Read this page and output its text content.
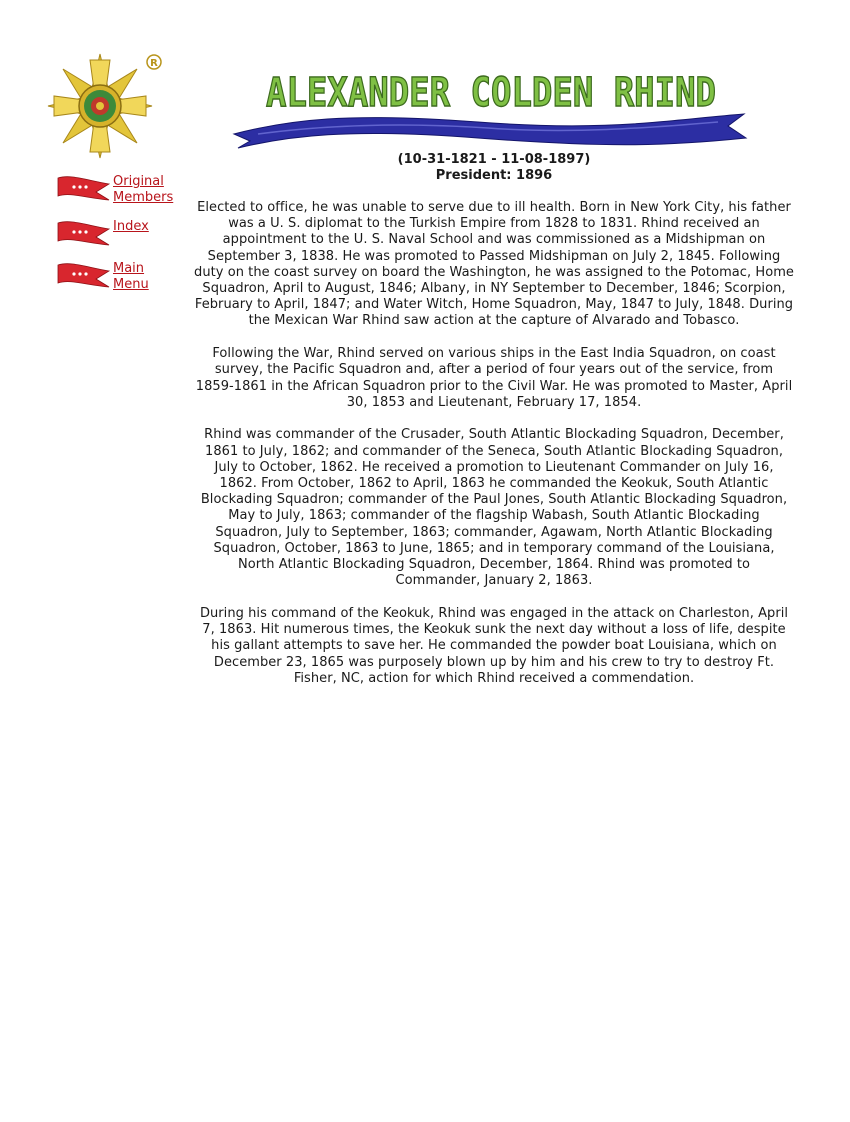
R
Original
Members
Index
Main
Menu
ALEXANDER COLDEN RHIND
(10-31-1821 - 11-08-1897)
President: 1896

Elected to office, he was unable to serve due to ill health. Born in New York City, his father was a U. S. diplomat to the Turkish Empire from 1828 to 1831. Rhind received an appointment to the U. S. Naval School and was commissioned as a Midshipman on September 3, 1838. He was promoted to Passed Midshipman on July 2, 1845. Following duty on the coast survey on board the Washington, he was assigned to the Potomac, Home Squadron, April to August, 1846; Albany, in NY September to December, 1846; Scorpion, February to April, 1847; and Water Witch, Home Squadron, May, 1847 to July, 1848. During the Mexican War Rhind saw action at the capture of Alvarado and Tobasco.

Following the War, Rhind served on various ships in the East India Squadron, on coast survey, the Pacific Squadron and, after a period of four years out of the service, from 1859-1861 in the African Squadron prior to the Civil War. He was promoted to Master, April 30, 1853 and Lieutenant, February 17, 1854.

Rhind was commander of the Crusader, South Atlantic Blockading Squadron, December, 1861 to July, 1862; and commander of the Seneca, South Atlantic Blockading Squadron, July to October, 1862. He received a promotion to Lieutenant Commander on July 16, 1862. From October, 1862 to April, 1863 he commanded the Keokuk, South Atlantic Blockading Squadron; commander of the Paul Jones, South Atlantic Blockading Squadron, May to July, 1863; commander of the flagship Wabash, South Atlantic Blockading Squadron, July to September, 1863; commander, Agawam, North Atlantic Blockading Squadron, October, 1863 to June, 1865; and in temporary command of the Louisiana, North Atlantic Blockading Squadron, December, 1864. Rhind was promoted to Commander, January 2, 1863.

During his command of the Keokuk, Rhind was engaged in the attack on Charleston, April 7, 1863. Hit numerous times, the Keokuk sunk the next day without a loss of life, despite his gallant attempts to save her. He commanded the powder boat Louisiana, which on December 23, 1865 was purposely blown up by him and his crew to try to destroy Ft. Fisher, NC, action for which Rhind received a commendation.
